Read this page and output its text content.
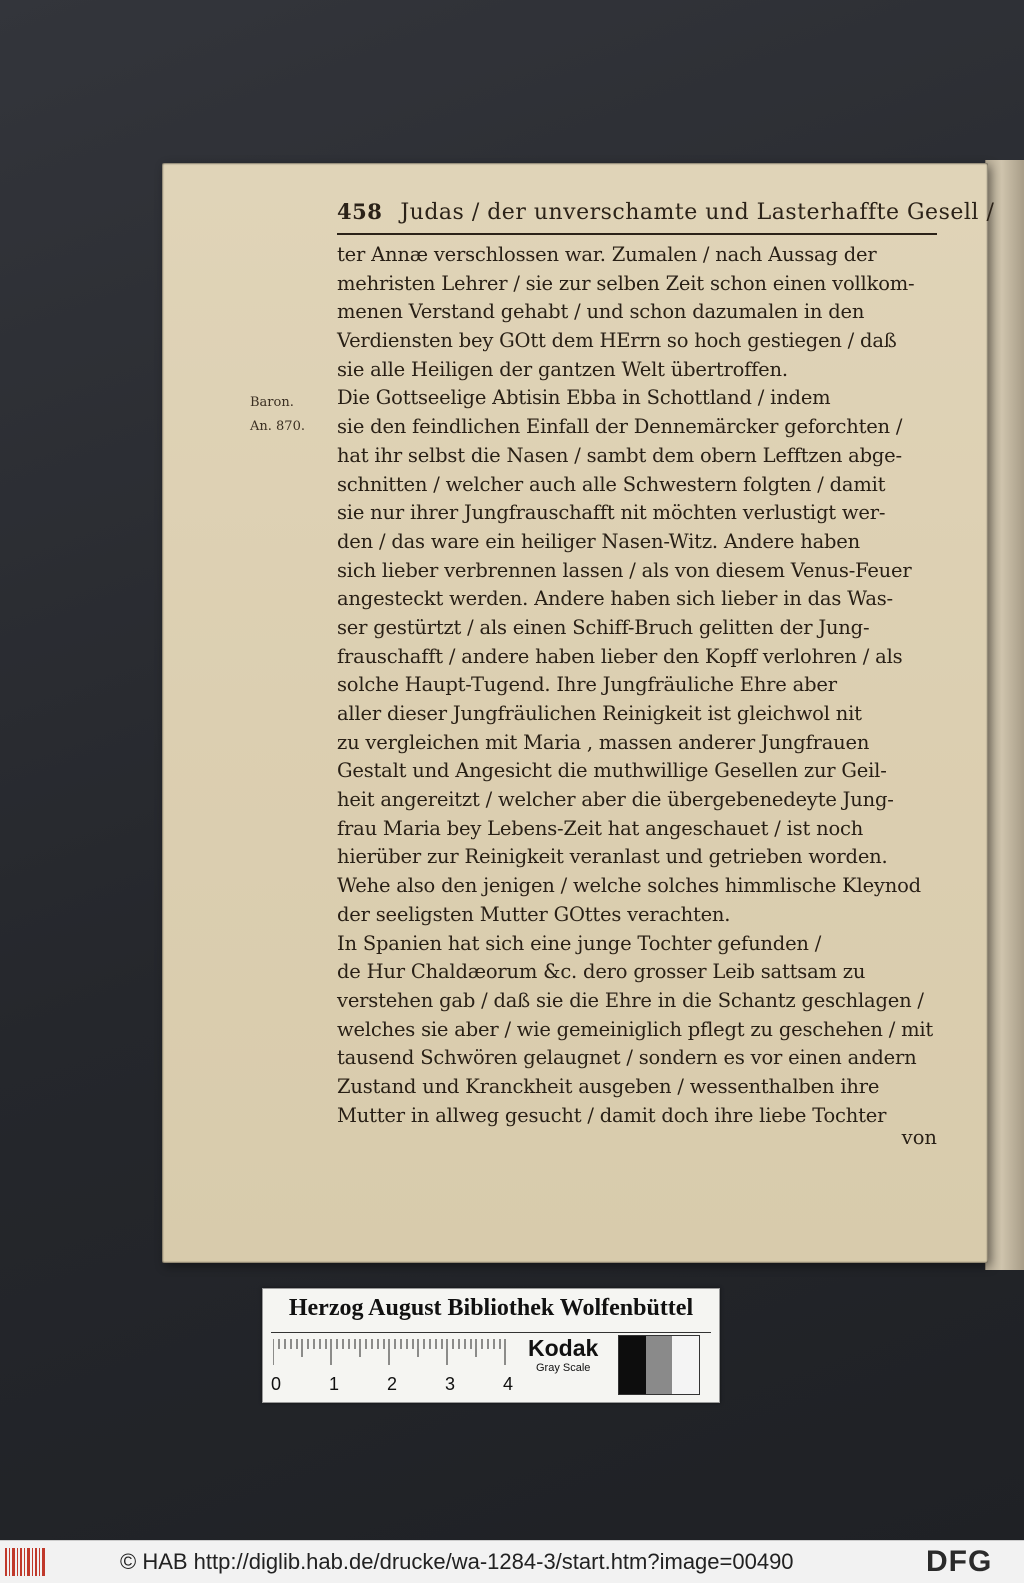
458 Judas / der unverschamte und Lasterhaffte Gesell /
Baron.
An. 870.
ter Annæ verschlossen war. Zumalen / nach Aussag der
mehristen Lehrer / sie zur selben Zeit schon einen vollkom-
menen Verstand gehabt / und schon dazumalen in den
Verdiensten bey GOtt dem HErrn so hoch gestiegen / daß
sie alle Heiligen der gantzen Welt übertroffen.
Die Gottseelige Abtisin Ebba in Schottland / indem
sie den feindlichen Einfall der Dennemärcker geforchten /
hat ihr selbst die Nasen / sambt dem obern Lefftzen abge-
schnitten / welcher auch alle Schwestern folgten / damit
sie nur ihrer Jungfrauschafft nit möchten verlustigt wer-
den / das ware ein heiliger Nasen-Witz. Andere haben
sich lieber verbrennen lassen / als von diesem Venus-Feuer
angesteckt werden. Andere haben sich lieber in das Was-
ser gestürtzt / als einen Schiff-Bruch gelitten der Jung-
frauschafft / andere haben lieber den Kopff verlohren / als
solche Haupt-Tugend. Ihre Jungfräuliche Ehre aber
aller dieser Jungfräulichen Reinigkeit ist gleichwol nit
zu vergleichen mit Maria , massen anderer Jungfrauen
Gestalt und Angesicht die muthwillige Gesellen zur Geil-
heit angereitzt / welcher aber die übergebenedeyte Jung-
frau Maria bey Lebens-Zeit hat angeschauet / ist noch
hierüber zur Reinigkeit veranlast und getrieben worden.
Wehe also den jenigen / welche solches himmlische Kleynod
der seeligsten Mutter GOttes verachten.
In Spanien hat sich eine junge Tochter gefunden /
de Hur Chaldæorum &c. dero grosser Leib sattsam zu
verstehen gab / daß sie die Ehre in die Schantz geschlagen /
welches sie aber / wie gemeiniglich pflegt zu geschehen / mit
tausend Schwören gelaugnet / sondern es vor einen andern
Zustand und Kranckheit ausgeben / wessenthalben ihre
Mutter in allweg gesucht / damit doch ihre liebe Tochter
von
Herzog August Bibliothek Wolfenbüttel
0	1	2	3	4
Kodak
Gray Scale
© HAB http://diglib.hab.de/drucke/wa-1284-3/start.htm?image=00490	DFG
